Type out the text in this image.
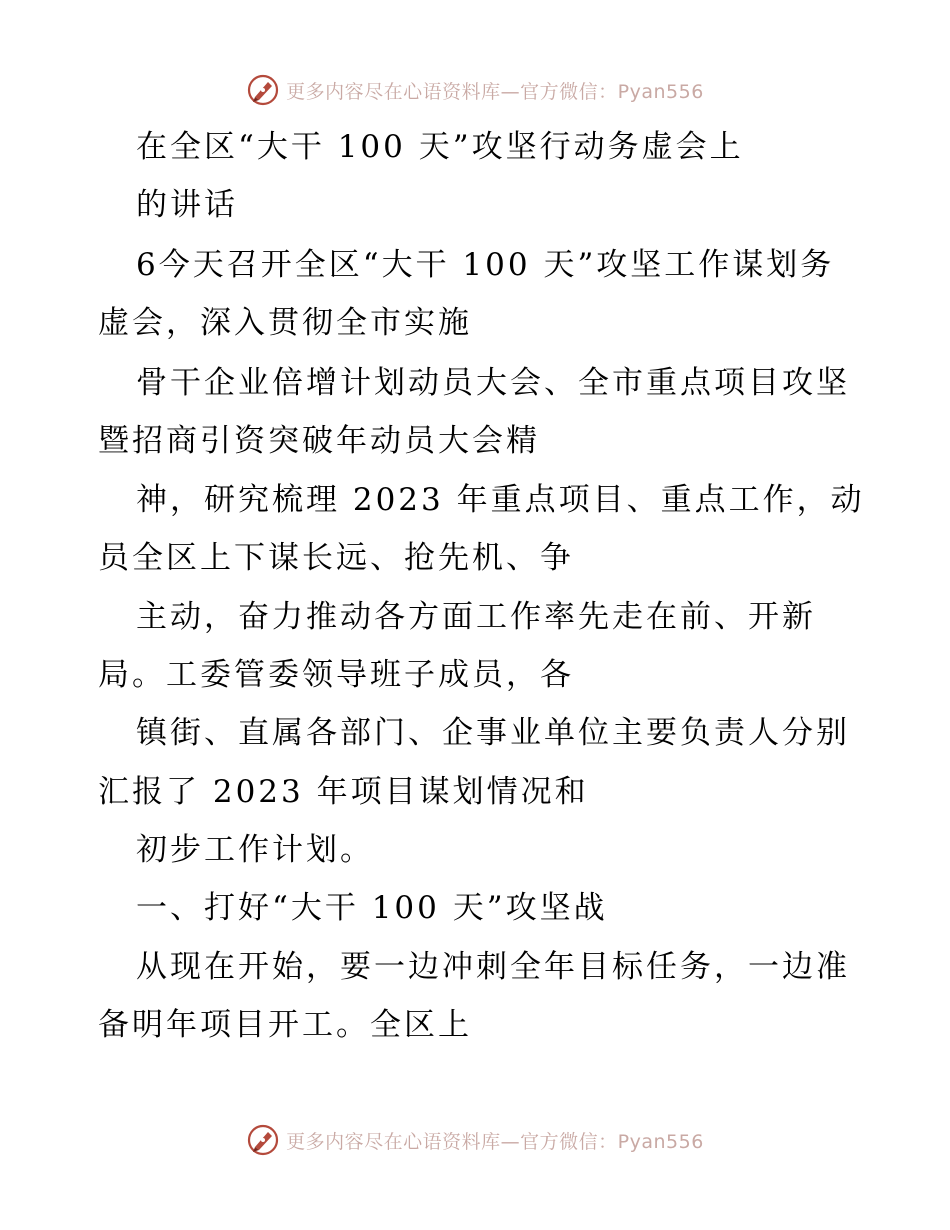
更多内容尽在心语资料库—官方微信：Pyan556
在全区“大干 100 天”攻坚行动务虚会上
的讲话
6今天召开全区“大干 100 天”攻坚工作谋划务
虚会，深入贯彻全市实施
骨干企业倍增计划动员大会、全市重点项目攻坚
暨招商引资突破年动员大会精
神，研究梳理 2023 年重点项目、重点工作，动
员全区上下谋长远、抢先机、争
主动，奋力推动各方面工作率先走在前、开新
局。工委管委领导班子成员，各
镇街、直属各部门、企事业单位主要负责人分别
汇报了 2023 年项目谋划情况和
初步工作计划。
一、打好“大干 100 天”攻坚战
从现在开始，要一边冲刺全年目标任务，一边准
备明年项目开工。全区上
更多内容尽在心语资料库—官方微信：Pyan556
